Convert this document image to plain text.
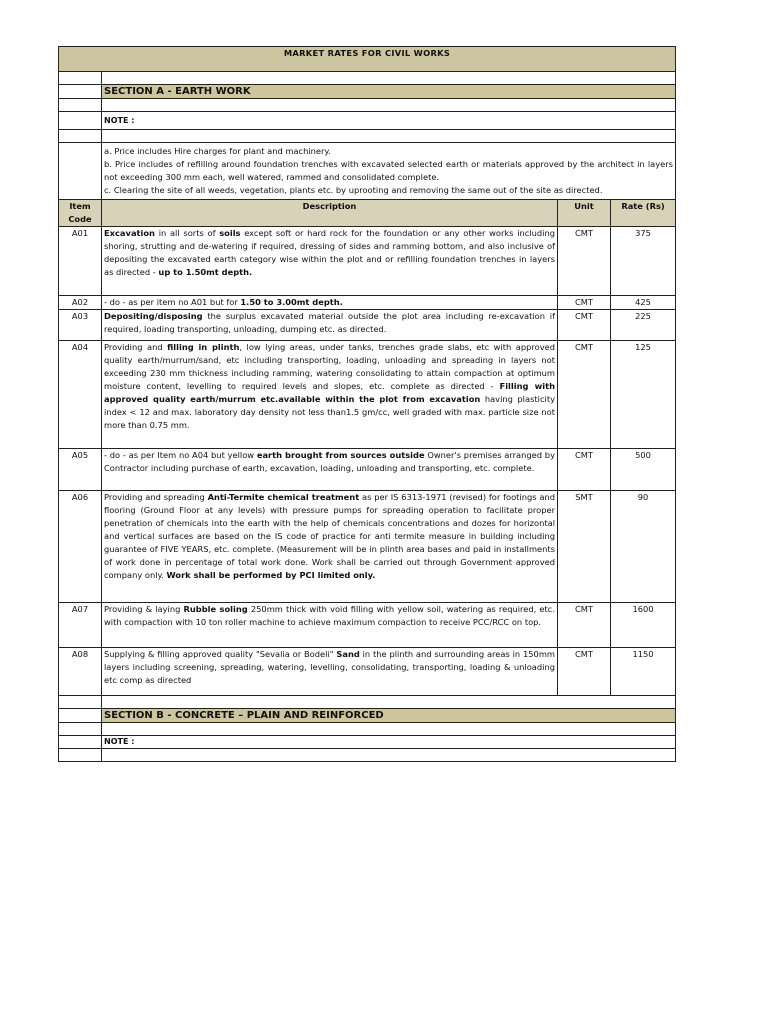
MARKET RATES FOR CIVIL WORKS			

	SECTION A - EARTH WORK		

	NOTE :		

	a. Price includes Hire charges for plant and machinery.
b. Price includes of refilling around foundation trenches with excavated selected earth or materials approved by the architect in layers not exceeding 300 mm each, well watered, rammed and consolidated complete.
c. Clearing the site of all weeds, vegetation, plants etc. by uprooting and removing the same out of the site as directed.		

Item Code	Description	Unit	Rate (Rs)
A01	Excavation in all sorts of soils except soft or hard rock for the foundation or any other works including shoring, strutting and de-watering if required, dressing of sides and ramming bottom, and also inclusive of depositing the excavated earth category wise within the plot and or refilling foundation trenches in layers as directed - up to 1.50mt depth.	CMT	375
A02	- do - as per item no A01 but for 1.50 to 3.00mt depth.	CMT	425
A03	Depositing/disposing the surplus excavated material outside the plot area including re-excavation if required, loading transporting, unloading, dumping etc. as directed.	CMT	225
A04	Providing and filling in plinth, low lying areas, under tanks, trenches grade slabs, etc with approved quality earth/murrum/sand, etc including transporting, loading, unloading and spreading in layers not exceeding 230 mm thickness including ramming, watering consolidating to attain compaction at optimum moisture content, levelling to required levels and slopes, etc. complete as directed - Filling with approved quality earth/murrum etc.available within the plot from excavation having plasticity index < 12 and max. laboratory day density not less than1.5 gm/cc, well graded with max. particle size not more than 0.75 mm.	CMT	125
A05	- do - as per Item no A04 but yellow earth brought from sources outside Owner's premises arranged by Contractor including purchase of earth, excavation, loading, unloading and transporting, etc. complete.	CMT	500
A06	Providing and spreading Anti-Termite chemical treatment as per IS 6313-1971 (revised) for footings and flooring (Ground Floor at any levels) with pressure pumps for spreading operation to facilitate proper penetration of chemicals into the earth with the help of chemicals concentrations and dozes for horizontal and vertical surfaces are based on the IS code of practice for anti termite measure in building including guarantee of FIVE YEARS, etc. complete. (Measurement will be in plinth area bases and paid in installments of work done in percentage of total work done. Work shall be carried out through Government approved company only. Work shall be performed by PCI limited only.	SMT	90
A07	Providing & laying Rubble soling 250mm thick with void filling with yellow soil, watering as required, etc. with compaction with 10 ton roller machine to achieve maximum compaction to receive PCC/RCC on top.	CMT	1600
A08	Supplying & filling approved quality "Sevalia or Bodeli" Sand in the plinth and surrounding areas in 150mm layers including screening, spreading, watering, levelling, consolidating, transporting, loading & unloading etc comp as directed	CMT	1150

	SECTION B - CONCRETE – PLAIN AND REINFORCED		

	NOTE :		
